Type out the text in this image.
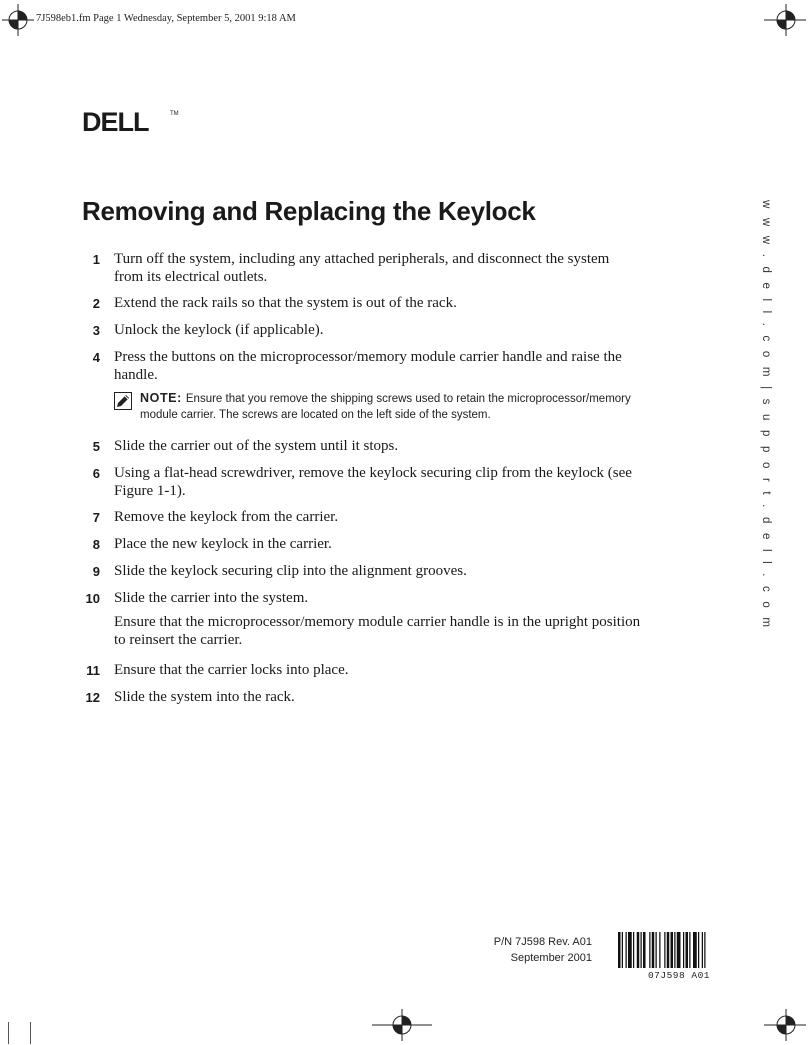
7J598eb1.fm Page 1 Wednesday, September 5, 2001 9:18 AM
DELL	TM
w w w . d e l l . c o m | s u p p o r t . d e l l . c o m
Removing and Replacing the Keylock
1 Turn off the system, including any attached peripherals, and disconnect the system from its electrical outlets.
2 Extend the rack rails so that the system is out of the rack.
3 Unlock the keylock (if applicable).
4 Press the buttons on the microprocessor/memory module carrier handle and raise the handle.
NOTE: Ensure that you remove the shipping screws used to retain the microprocessor/memory module carrier. The screws are located on the left side of the system.
5 Slide the carrier out of the system until it stops.
6 Using a flat-head screwdriver, remove the keylock securing clip from the keylock (see Figure 1-1).
7 Remove the keylock from the carrier.
8 Place the new keylock in the carrier.
9 Slide the keylock securing clip into the alignment grooves.
10 Slide the carrier into the system.
Ensure that the microprocessor/memory module carrier handle is in the upright position to reinsert the carrier.
11 Ensure that the carrier locks into place.
12 Slide the system into the rack.
P/N 7J598 Rev. A01
September 2001
07J598 A01
